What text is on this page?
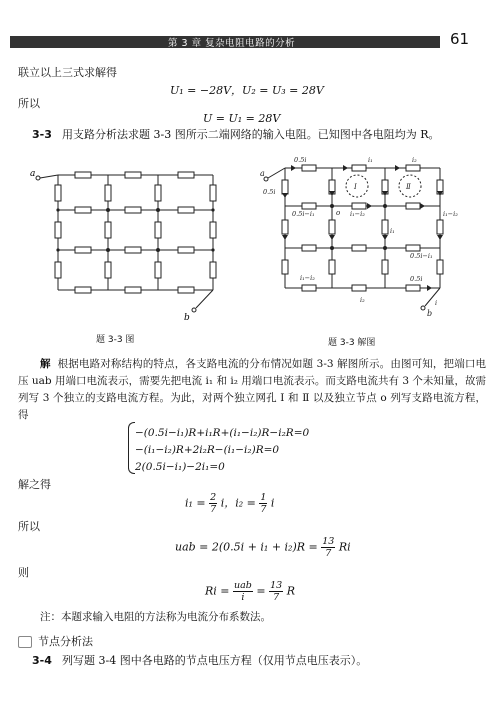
第 3 章 复杂电阻电路的分析	61
联立以上三式求解得
U₁ = −28V，U₂ = U₃ = 28V
所以
U = U₁ = 28V
3-3 用支路分析法求题 3-3 图所示二端网络的输入电阻。已知图中各电阻均为 R。
a
b
题 3-3 图
a
b
o
Ⅰ	Ⅱ
0.5i	i₁	i₂
0.5i
0.5i−i₁	i₁−i₂	i₁−i₂
i₁
0.5i−i₁
i₁−i₂	0.5i
i₂	i
题 3-3 解图
解 根据电路对称结构的特点，各支路电流的分布情况如题 3-3 解图所示。由图可知，把端口电压 uab 用端口电流表示，需要先把电流 i₁ 和 i₂ 用端口电流表示。而支路电流共有 3 个未知量，故需列写 3 个独立的支路电流方程。为此，对两个独立网孔 Ⅰ 和 Ⅱ 以及独立节点 o 列写支路电流方程，得
−(0.5i−i₁)R+i₁R+(i₁−i₂)R−i₂R=0
−(i₁−i₂)R+2i₂R−(i₁−i₂)R=0
2(0.5i−i₁)−2i₁=0
解之得
$i_1 = \frac{2}{7}$ i，$i_2 = \frac{1}{7}$ i
所以
uab = $2(0.5i + i_1 + i_2)R = \frac{13}{7}$ Ri
则
$Ri = \frac{\text{uab}}{i} = \frac{13}{7}$ R
注：本题求输入电阻的方法称为电流分布系数法。
节点分析法
3-4 列写题 3-4 图中各电路的节点电压方程（仅用节点电压表示）。
